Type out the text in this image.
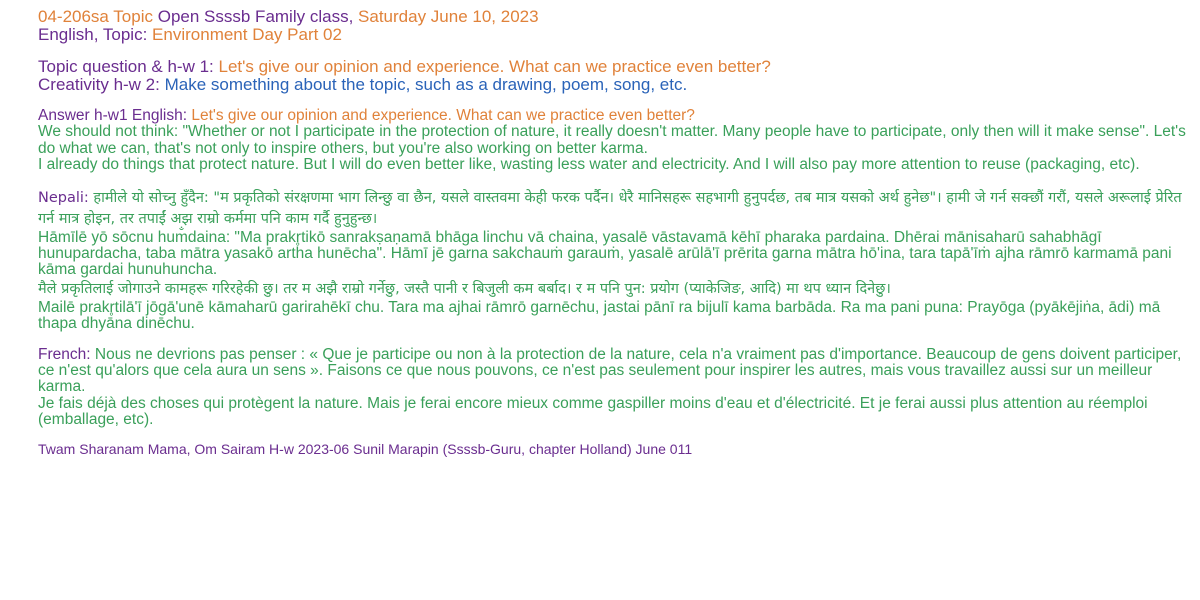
04-206sa Topic Open Ssssb Family class, Saturday June 10, 2023
English, Topic: Environment Day Part 02
Topic question & h-w 1: Let's give our opinion and experience. What can we practice even better?
Creativity h-w 2: Make something about the topic, such as a drawing, poem, song, etc.
Answer h-w1 English: Let's give our opinion and experience. What can we practice even better?

We should not think: "Whether or not I participate in the protection of nature, it really doesn't matter. Many people have to participate, only then will it make sense". Let's do what we can, that's not only to inspire others, but you're also working on better karma.

I already do things that protect nature. But I will do even better like, wasting less water and electricity. And I will also pay more attention to reuse (packaging, etc).

Nepali: हामीले यो सोच्नु हुँदैन: "म प्रकृतिको संरक्षणमा भाग लिन्छु वा छैन, यसले वास्तवमा केही फरक पर्दैन। धेरै मानिसहरू सहभागी हुनुपर्दछ, तब मात्र यसको अर्थ हुनेछ"। हामी जे गर्न सक्छौं गरौं, यसले अरूलाई प्रेरित गर्न मात्र होइन, तर तपाईं अझ राम्रो कर्ममा पनि काम गर्दै हुनुहुन्छ।

Hāmīlē yō sōcnu hum̐daina: "Ma prakr̥tikō sanrakṣaṇamā bhāga linchu vā chaina, yasalē vāstavamā kēhī pharaka pardaina. Dhērai mānisaharū sahabhāgī hunupardacha, taba mātra yasakō artha hunēcha". Hāmī jē garna sakchauṁ garauṁ, yasalē arūlā'ī prērita garna mātra hō'ina, tara tapā'īṁ ajha rāmrō karmamā pani kāma gardai hunuhuncha.

मैले प्रकृतिलाई जोगाउने कामहरू गरिरहेकी छु। तर म अझै राम्रो गर्नेछु, जस्तै पानी र बिजुली कम बर्बाद। र म पनि पुन: प्रयोग (प्याकेजिङ, आदि) मा थप ध्यान दिनेछु।

Mailē prakr̥tilā'ī jōgā'unē kāmaharū garirahēkī chu. Tara ma ajhai rāmrō garnēchu, jastai pānī ra bijulī kama barbāda. Ra ma pani puna: Prayōga (pyākējiṅa, ādi) mā thapa dhyāna dinēchu.

French: Nous ne devrions pas penser : « Que je participe ou non à la protection de la nature, cela n'a vraiment pas d'importance. Beaucoup de gens doivent participer, ce n'est qu'alors que cela aura un sens ». Faisons ce que nous pouvons, ce n'est pas seulement pour inspirer les autres, mais vous travaillez aussi sur un meilleur karma.

Je fais déjà des choses qui protègent la nature. Mais je ferai encore mieux comme gaspiller moins d'eau et d'électricité. Et je ferai aussi plus attention au réemploi (emballage, etc).

Twam Sharanam Mama, Om Sairam H-w 2023-06 Sunil Marapin (Ssssb-Guru, chapter Holland) June 011
